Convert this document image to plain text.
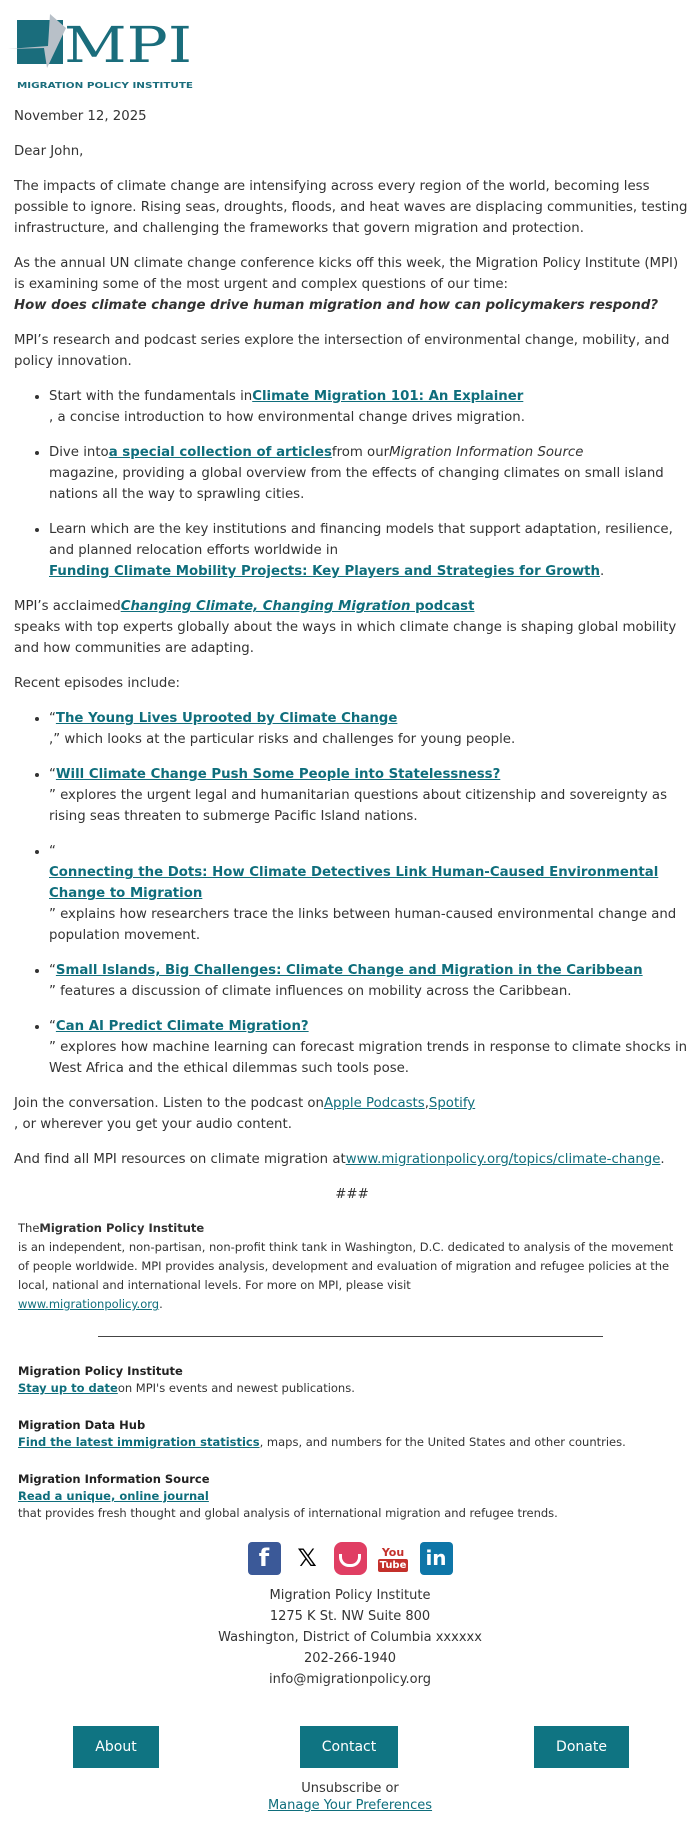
MPI
MIGRATION POLICY INSTITUTE

November 12, 2025

Dear John,

The impacts of climate change are intensifying across every region of the world, becoming less possible to ignore. Rising seas, droughts, floods, and heat waves are displacing communities, testing infrastructure, and challenging the frameworks that govern migration and protection.

As the annual UN climate change conference kicks off this week, the Migration Policy Institute (MPI) is examining some of the most urgent and complex questions of our time:How does climate change drive human migration and how can policymakers respond?

MPI’s research and podcast series explore the intersection of environmental change, mobility, and policy innovation.

• Start with the fundamentals inClimate Migration 101: An Explainer, a concise introduction to how environmental change drives migration.
• Dive intoa special collection of articlesfrom ourMigration Information Sourcemagazine, providing a global overview from the effects of changing climates on small island nations all the way to sprawling cities.
• Learn which are the key institutions and financing models that support adaptation, resilience, and planned relocation efforts worldwide inFunding Climate Mobility Projects: Key Players and Strategies for Growth.

MPI’s acclaimedChanging Climate, Changing Migration podcastspeaks with top experts globally about the ways in which climate change is shaping global mobility and how communities are adapting.

Recent episodes include:

• “The Young Lives Uprooted by Climate Change,” which looks at the particular risks and challenges for young people.
• “Will Climate Change Push Some People into Statelessness?” explores the urgent legal and humanitarian questions about citizenship and sovereignty as rising seas threaten to submerge Pacific Island nations.
• “Connecting the Dots: How Climate Detectives Link Human-Caused Environmental Change to Migration” explains how researchers trace the links between human-caused environmental change and population movement.
• “Small Islands, Big Challenges: Climate Change and Migration in the Caribbean” features a discussion of climate influences on mobility across the Caribbean.
• “Can AI Predict Climate Migration?” explores how machine learning can forecast migration trends in response to climate shocks in West Africa and the ethical dilemmas such tools pose.

Join the conversation. Listen to the podcast onApple Podcasts,Spotify, or wherever you get your audio content.

And find all MPI resources on climate migration atwww.migrationpolicy.org/topics/climate-change.

###

TheMigration Policy Instituteis an independent, non-partisan, non-profit think tank in Washington, D.C. dedicated to analysis of the movement of people worldwide. MPI provides analysis, development and evaluation of migration and refugee policies at the local, national and international levels. For more on MPI, please visitwww.migrationpolicy.org.
Migration Policy Institute
Stay up to dateon MPI's events and newest publications.
Migration Data Hub
Find the latest immigration statistics, maps, and numbers for the United States and other countries.
Migration Information Source
Read a unique, online journalthat provides fresh thought and global analysis of international migration and refugee trends.
f	𝕏	You
Tube in
Migration Policy Institute
1275 K St. NW Suite 800
Washington, District of Columbia xxxxxx
202-266-1940
info@migrationpolicy.org
About	Contact	Donate
Unsubscribe orManage Your Preferences
